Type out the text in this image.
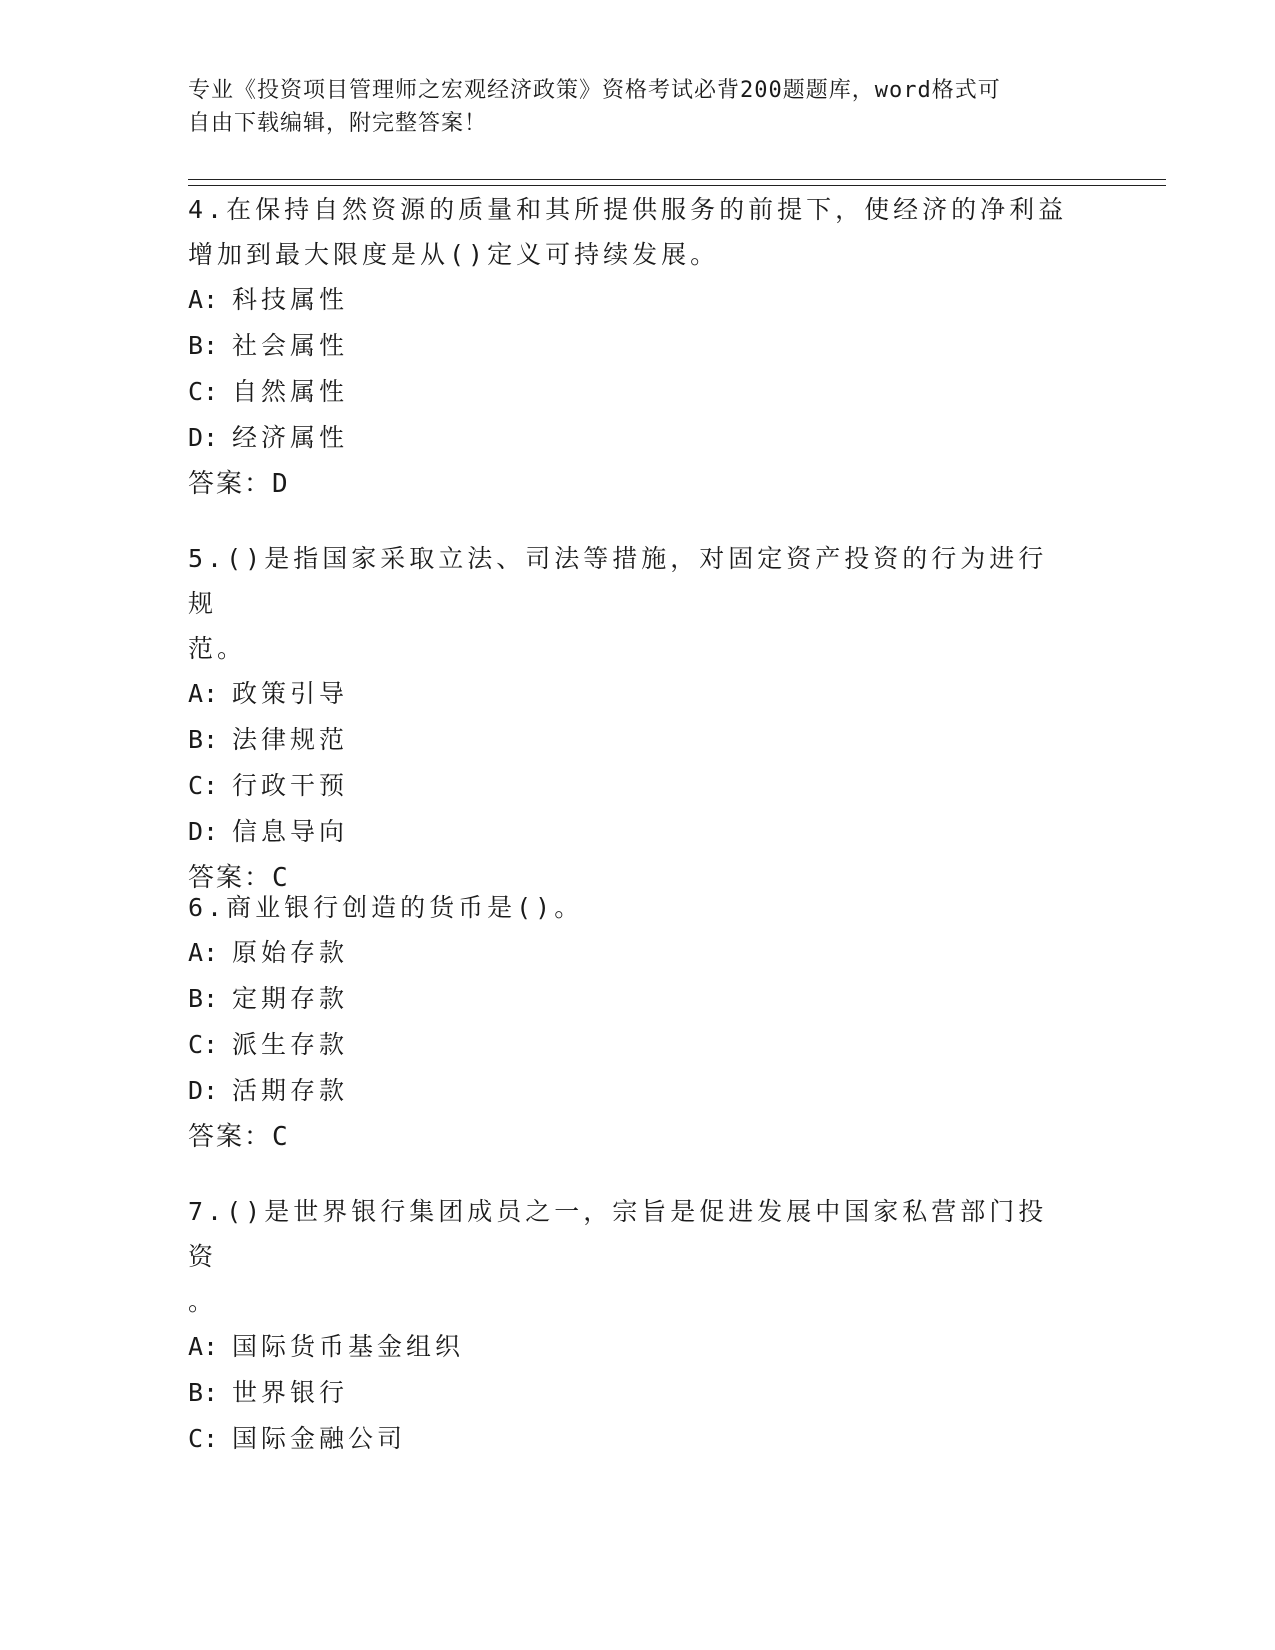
专业《投资项目管理师之宏观经济政策》资格考试必背200题题库，word格式可
自由下载编辑，附完整答案！

4.在保持自然资源的质量和其所提供服务的前提下，使经济的净利益

增加到最大限度是从()定义可持续发展。

A: 科技属性

B: 社会属性

C: 自然属性

D: 经济属性

答案：D

5.()是指国家采取立法、司法等措施，对固定资产投资的行为进行规

范。

A: 政策引导

B: 法律规范

C: 行政干预

D: 信息导向

答案：C

6.商业银行创造的货币是()。

A: 原始存款

B: 定期存款

C: 派生存款

D: 活期存款

答案：C

7.()是世界银行集团成员之一，宗旨是促进发展中国家私营部门投资

。

A: 国际货币基金组织

B: 世界银行

C: 国际金融公司
